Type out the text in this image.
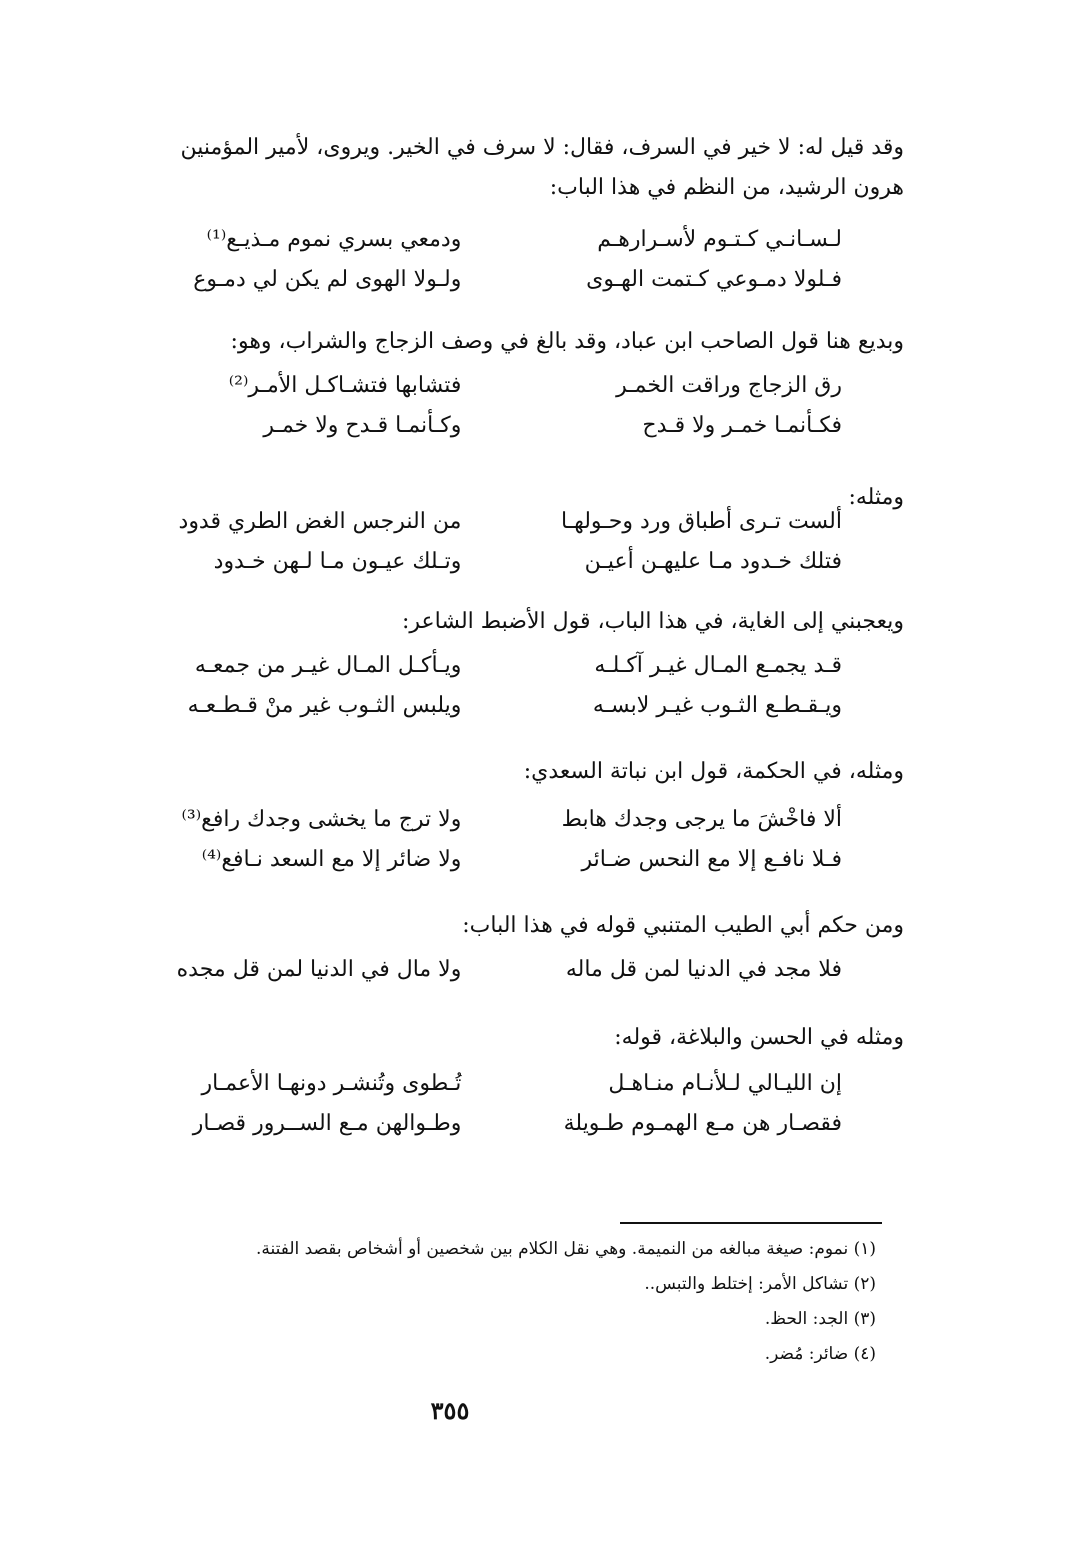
وقد قيل له: لا خير في السرف، فقال: لا سرف في الخير. ويروى، لأمير المؤمنين
هرون الرشيد، من النظم في هذا الباب:
لـسـانـي كـتـوم لأسـرارهـم
ودمعي بسري نموم مـذيـع⁽¹⁾
فـلولا دمـوعي كـتمت الهـوى
ولـولا الهوى لم يكن لي دمـوع
وبديع هنا قول الصاحب ابن عباد، وقد بالغ في وصف الزجاج والشراب، وهو:
رق الزجاج وراقت الخمـر
فتشابها فتشـاكـل الأمـر⁽²⁾
فكـأنمـا خمـر ولا قـدح
وكـأنمـا قـدح ولا خمـر
ومثله:
ألست تـرى أطباق ورد وحـولهـا
من النرجس الغض الطري قدود
فتلك خـدود مـا عليهـن أعيـن
وتـلك عيـون مـا لـهن خـدود
ويعجبني إلى الغاية، في هذا الباب، قول الأضبط الشاعر:
قـد يجمـع المـال غيـر آكـلـه
ويـأكـل المـال غيـر من جمعـه
ويـقـطـع الثـوب غيـر لابسـه
ويلبس الثـوب غير منْ قـطـعـه
ومثله، في الحكمة، قول ابن نباتة السعدي:
ألا فاخْشَ ما يرجى وجدك هابط
ولا ترج ما يخشى وجدك رافع⁽³⁾
فـلا نافـع إلا مع النحس ضـائر
ولا ضائر إلا مع السعد نـافع⁽⁴⁾
ومن حكم أبي الطيب المتنبي قوله في هذا الباب:
فلا مجد في الدنيا لمن قل ماله
ولا مال في الدنيا لمن قل مجده
ومثله في الحسن والبلاغة، قوله:
إن الليـالي لـلأنـام منـاهـل
تُـطوى وتُنشـر دونهـا الأعمـار
فقصـار هن مـع الهمـوم طـويلة
وطـوالهن مـع الســرور قصـار
(١) نموم: صيغة مبالغه من النميمة. وهي نقل الكلام بين شخصين أو أشخاص بقصد الفتنة.
(٢) تشاكل الأمر: إختلط والتبس..
(٣) الجد: الحظ.
(٤) ضائر: مُضر.
٣٥٥
